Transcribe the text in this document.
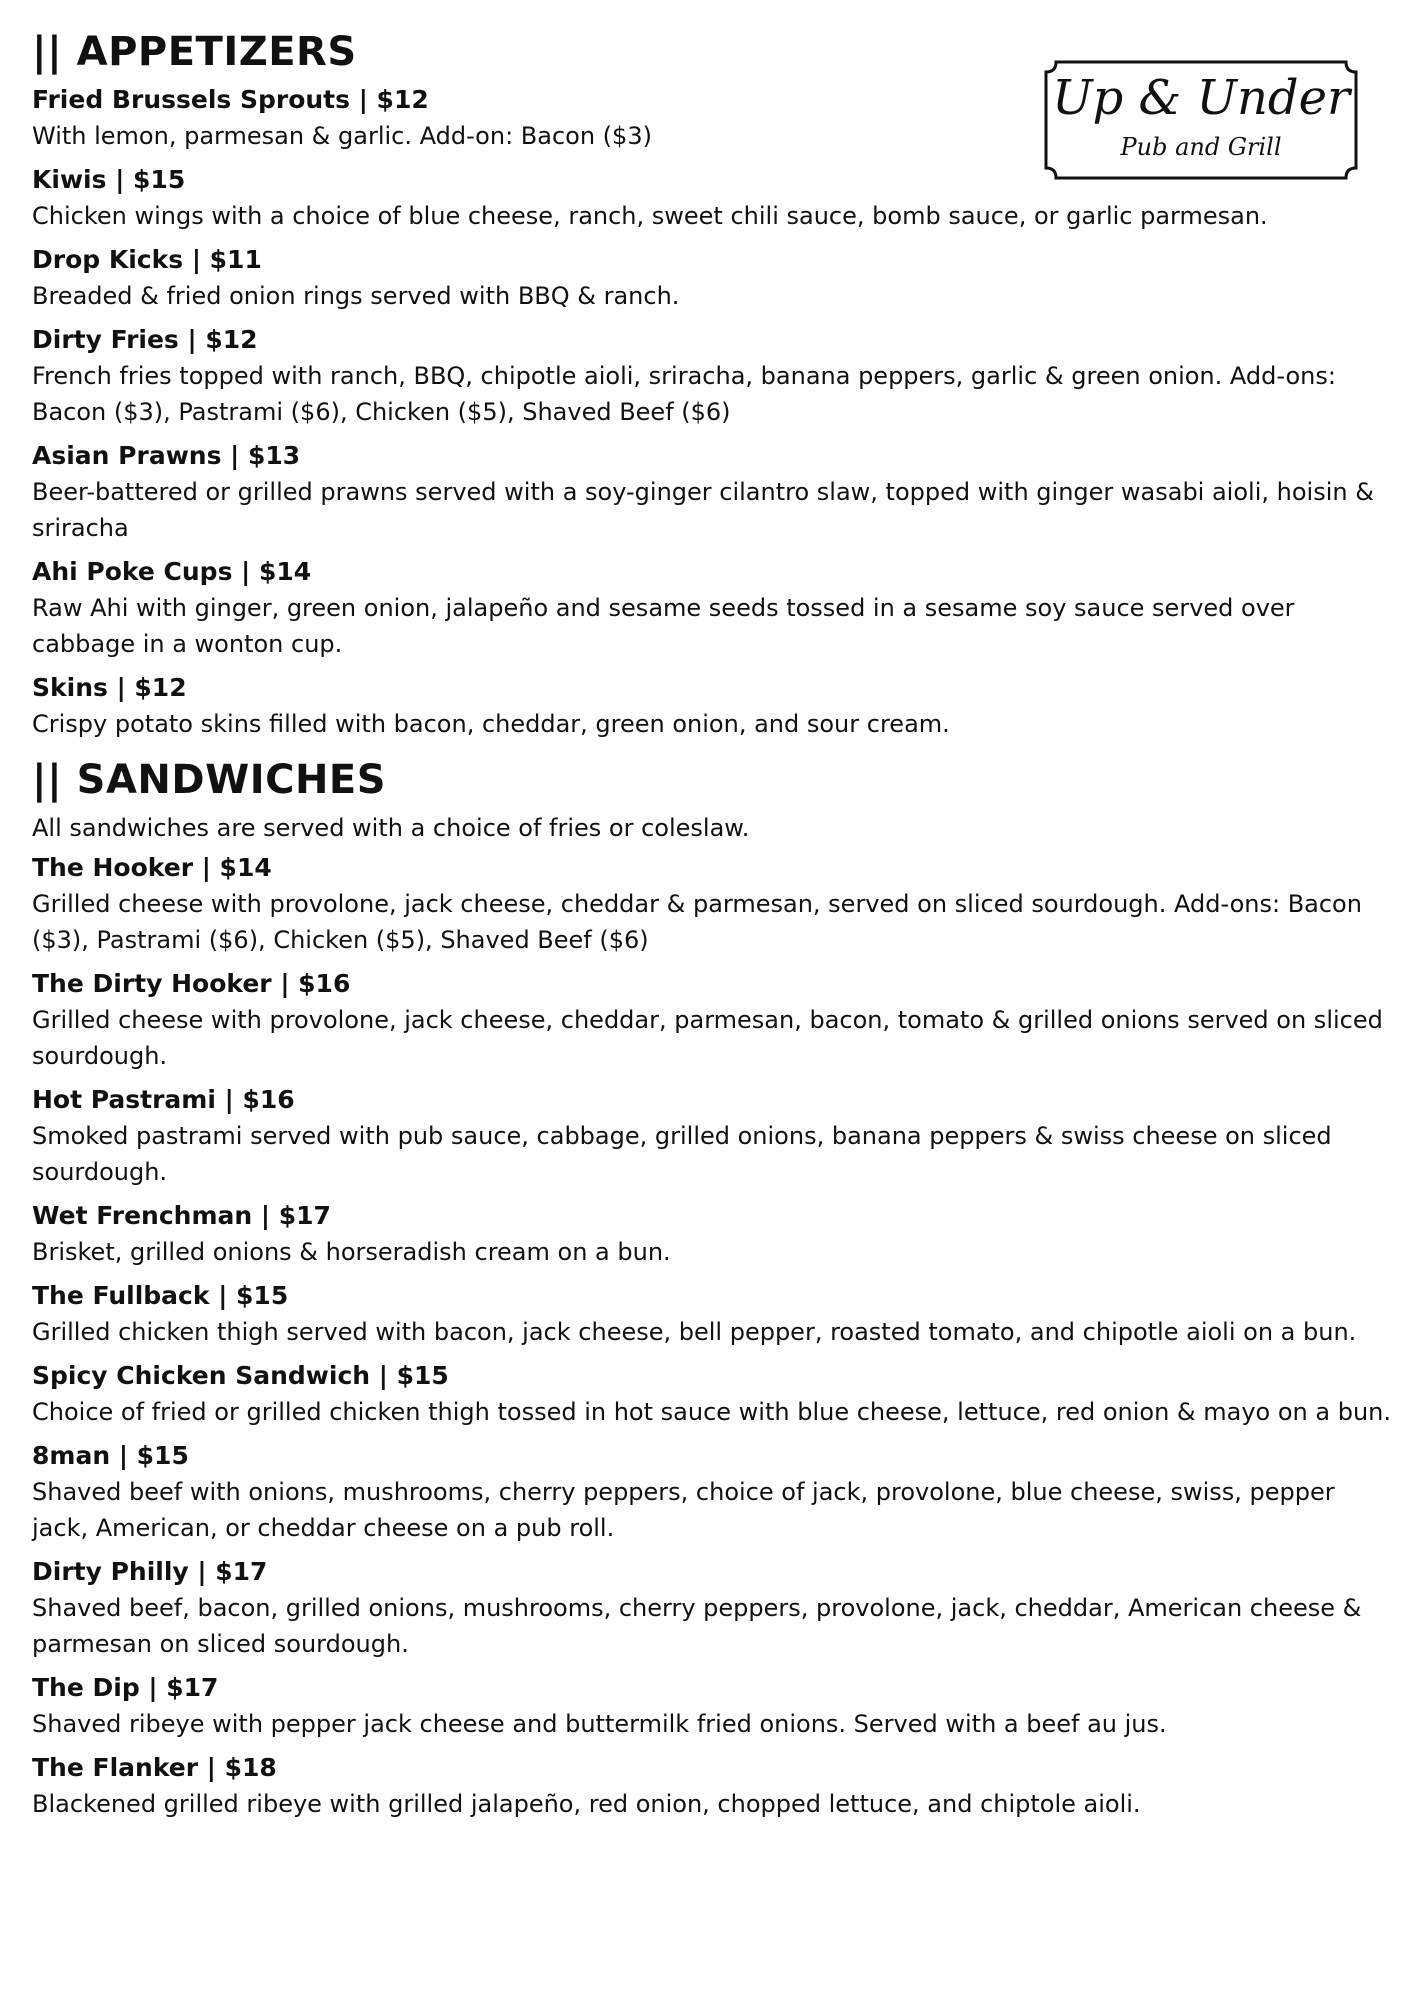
Up & Under
Pub and Grill
|| APPETIZERS
Fried Brussels Sprouts | $12
With lemon, parmesan & garlic. Add-on: Bacon ($3)
Kiwis | $15
Chicken wings with a choice of blue cheese, ranch, sweet chili sauce, bomb sauce, or garlic parmesan.
Drop Kicks | $11
Breaded & fried onion rings served with BBQ & ranch.
Dirty Fries | $12
French fries topped with ranch, BBQ, chipotle aioli, sriracha, banana peppers, garlic & green onion. Add-ons: Bacon ($3), Pastrami ($6), Chicken ($5), Shaved Beef ($6)
Asian Prawns | $13
Beer-battered or grilled prawns served with a soy-ginger cilantro slaw, topped with ginger wasabi aioli, hoisin & sriracha
Ahi Poke Cups | $14
Raw Ahi with ginger, green onion, jalapeño and sesame seeds tossed in a sesame soy sauce served over cabbage in a wonton cup.
Skins | $12
Crispy potato skins filled with bacon, cheddar, green onion, and sour cream.
|| SANDWICHES
All sandwiches are served with a choice of fries or coleslaw.
The Hooker | $14
Grilled cheese with provolone, jack cheese, cheddar & parmesan, served on sliced sourdough. Add-ons: Bacon ($3), Pastrami ($6), Chicken ($5), Shaved Beef ($6)
The Dirty Hooker | $16
Grilled cheese with provolone, jack cheese, cheddar, parmesan, bacon, tomato & grilled onions served on sliced sourdough.
Hot Pastrami | $16
Smoked pastrami served with pub sauce, cabbage, grilled onions, banana peppers & swiss cheese on sliced sourdough.
Wet Frenchman | $17
Brisket, grilled onions & horseradish cream on a bun.
The Fullback | $15
Grilled chicken thigh served with bacon, jack cheese, bell pepper, roasted tomato, and chipotle aioli on a bun.
Spicy Chicken Sandwich | $15
Choice of fried or grilled chicken thigh tossed in hot sauce with blue cheese, lettuce, red onion & mayo on a bun.
8man | $15
Shaved beef with onions, mushrooms, cherry peppers, choice of jack, provolone, blue cheese, swiss, pepper jack, American, or cheddar cheese on a pub roll.
Dirty Philly | $17
Shaved beef, bacon, grilled onions, mushrooms, cherry peppers, provolone, jack, cheddar, American cheese & parmesan on sliced sourdough.
The Dip | $17
Shaved ribeye with pepper jack cheese and buttermilk fried onions. Served with a beef au jus.
The Flanker | $18
Blackened grilled ribeye with grilled jalapeño, red onion, chopped lettuce, and chiptole aioli.
